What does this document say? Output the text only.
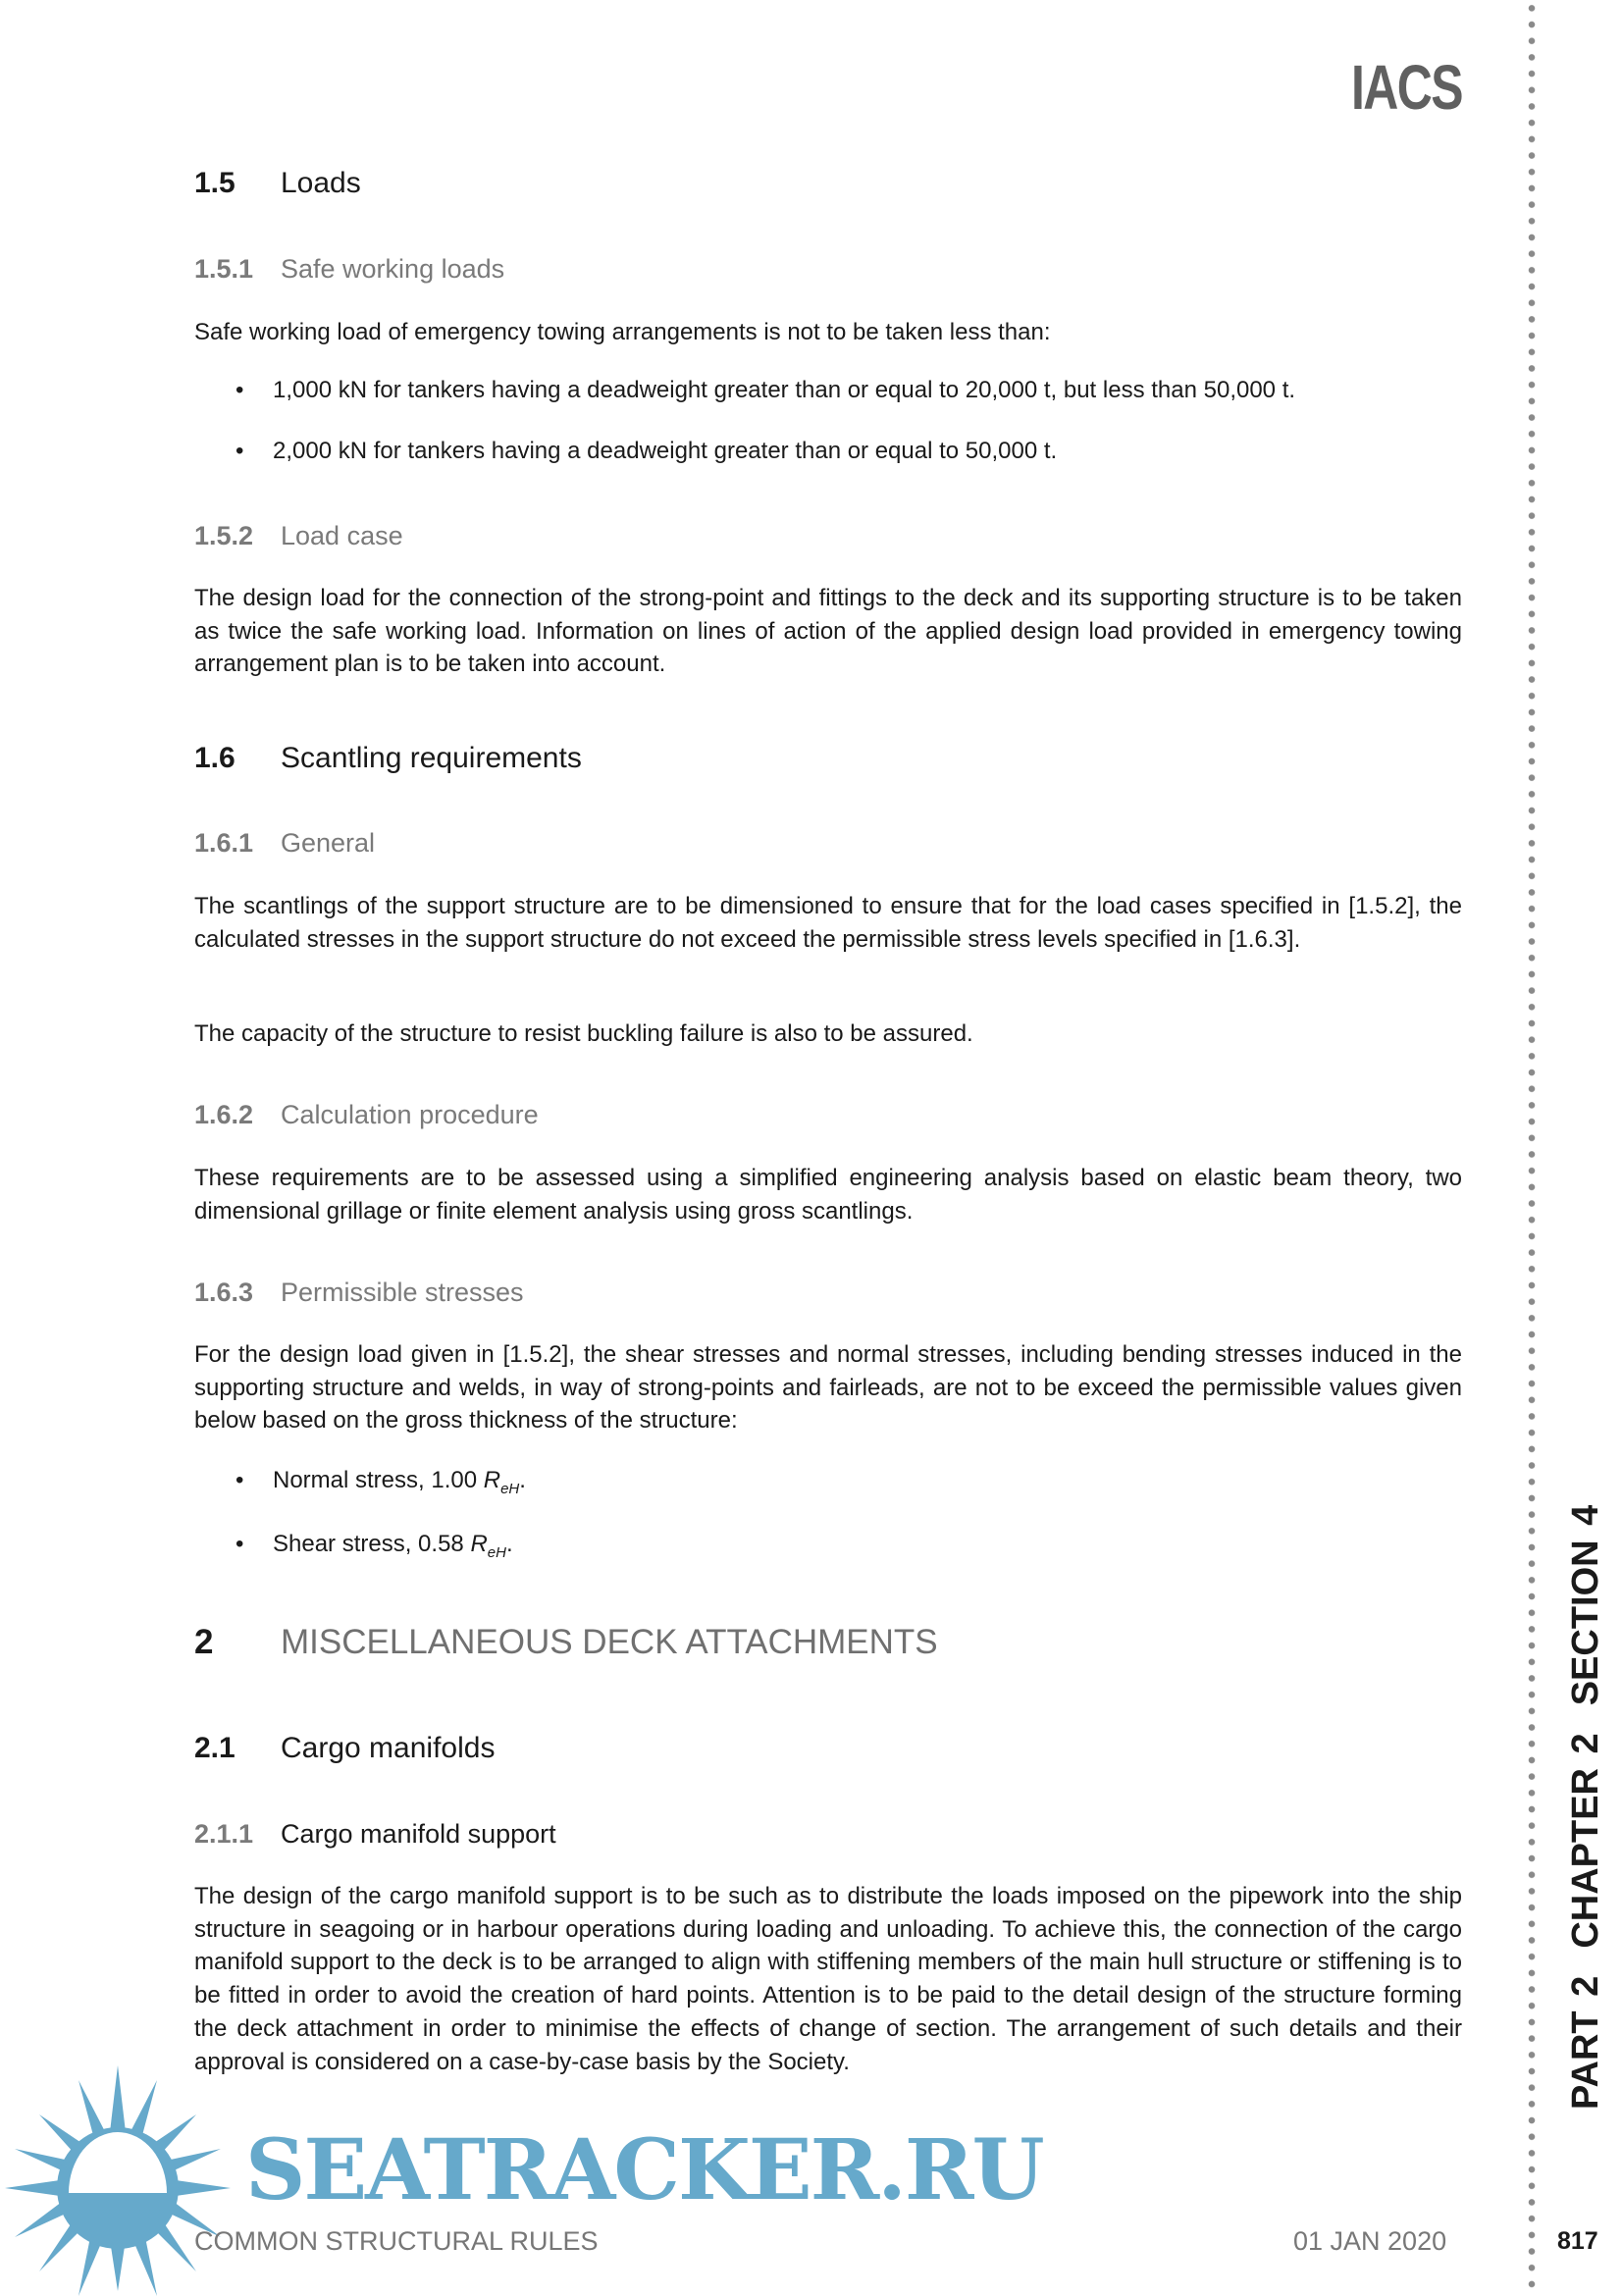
IACS
1.5 Loads
1.5.1 Safe working loads
Safe working load of emergency towing arrangements is not to be taken less than:
• 1,000 kN for tankers having a deadweight greater than or equal to 20,000 t, but less than 50,000 t.
• 2,000 kN for tankers having a deadweight greater than or equal to 50,000 t.
1.5.2 Load case
The design load for the connection of the strong-point and fittings to the deck and its supporting structure is to be taken as twice the safe working load. Information on lines of action of the applied design load provided in emergency towing arrangement plan is to be taken into account.
1.6 Scantling requirements
1.6.1 General
The scantlings of the support structure are to be dimensioned to ensure that for the load cases specified in [1.5.2], the calculated stresses in the support structure do not exceed the permissible stress levels specified in [1.6.3].
The capacity of the structure to resist buckling failure is also to be assured.
1.6.2 Calculation procedure
These requirements are to be assessed using a simplified engineering analysis based on elastic beam theory, two dimensional grillage or finite element analysis using gross scantlings.
1.6.3 Permissible stresses
For the design load given in [1.5.2], the shear stresses and normal stresses, including bending stresses induced in the supporting structure and welds, in way of strong-points and fairleads, are not to be exceed the permissible values given below based on the gross thickness of the structure:
• Normal stress, 1.00 $R_{eH}$.
• Shear stress, 0.58 $R_{eH}$.
2 MISCELLANEOUS DECK ATTACHMENTS
2.1 Cargo manifolds
2.1.1 Cargo manifold support
The design of the cargo manifold support is to be such as to distribute the loads imposed on the pipework into the ship structure in seagoing or in harbour operations during loading and unloading. To achieve this, the connection of the cargo manifold support to the deck is to be arranged to align with stiffening members of the main hull structure or stiffening is to be fitted in order to avoid the creation of hard points. Attention is to be paid to the detail design of the structure forming the deck attachment in order to minimise the effects of change of section. The arrangement of such details and their approval is considered on a case-by-case basis by the Society.	PART 2CHAPTER 2SECTION 4
SEATRACKER.RU
COMMON STRUCTURAL RULES	01 JAN 2020	817
